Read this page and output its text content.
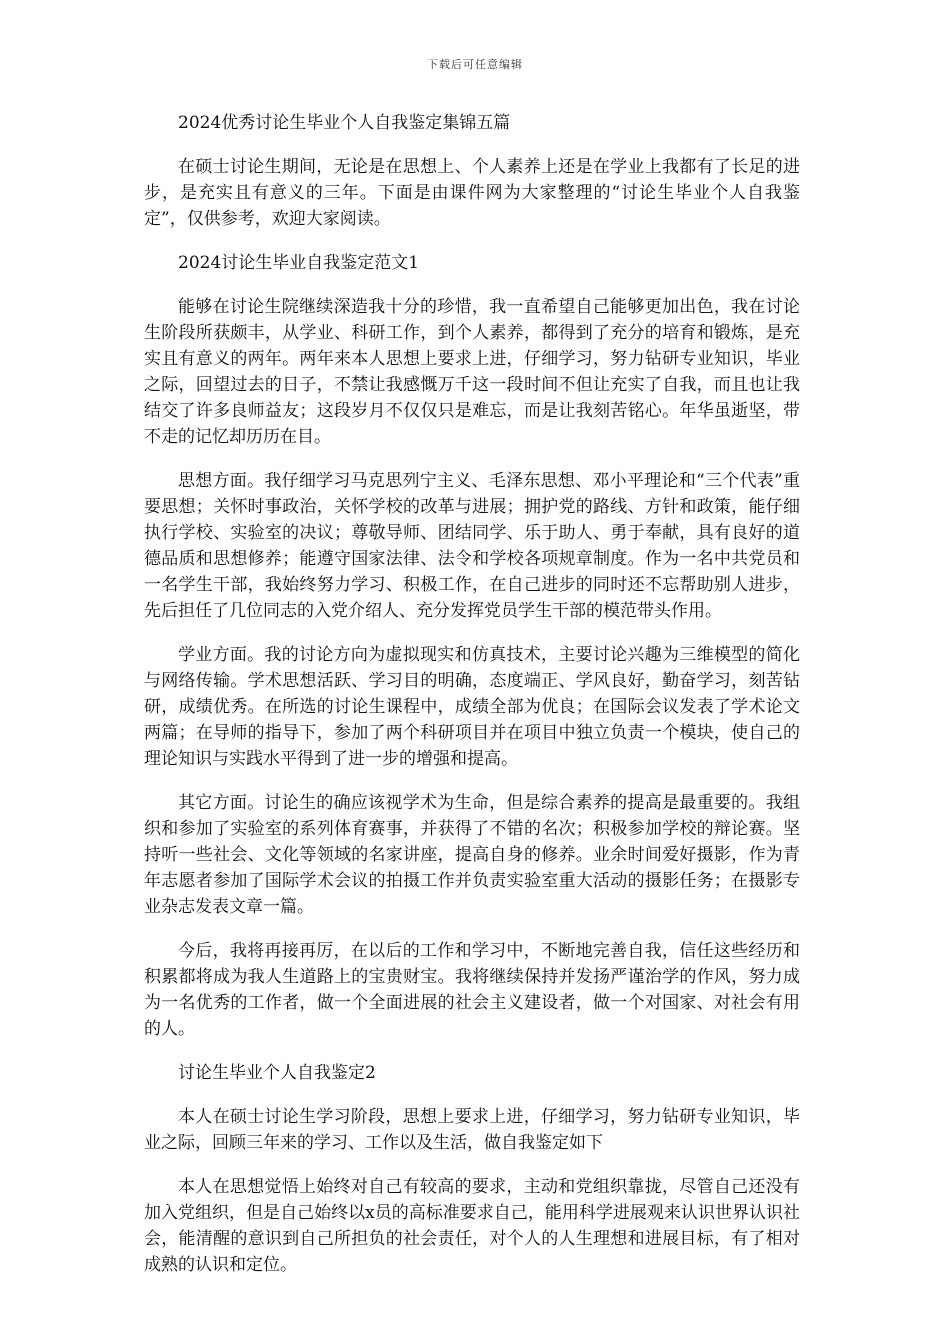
下载后可任意编辑

2024优秀讨论生毕业个人自我鉴定集锦五篇

在硕士讨论生期间，无论是在思想上、个人素养上还是在学业上我都有了长足的进步，是充实且有意义的三年。下面是由课件网为大家整理的“讨论生毕业个人自我鉴定”，仅供参考，欢迎大家阅读。

2024讨论生毕业自我鉴定范文1

能够在讨论生院继续深造我十分的珍惜，我一直希望自己能够更加出色，我在讨论生阶段所获颇丰，从学业、科研工作，到个人素养，都得到了充分的培育和锻炼，是充实且有意义的两年。两年来本人思想上要求上进，仔细学习，努力钻研专业知识，毕业之际，回望过去的日子，不禁让我感慨万千这一段时间不但让充实了自我，而且也让我结交了许多良师益友；这段岁月不仅仅只是难忘，而是让我刻苦铭心。年华虽逝坚，带不走的记忆却历历在目。

思想方面。我仔细学习马克思列宁主义、毛泽东思想、邓小平理论和“三个代表”重要思想；关怀时事政治，关怀学校的改革与进展；拥护党的路线、方针和政策，能仔细执行学校、实验室的决议；尊敬导师、团结同学、乐于助人、勇于奉献，具有良好的道德品质和思想修养；能遵守国家法律、法令和学校各项规章制度。作为一名中共党员和一名学生干部，我始终努力学习、积极工作，在自己进步的同时还不忘帮助别人进步，先后担任了几位同志的入党介绍人、充分发挥党员学生干部的模范带头作用。

学业方面。我的讨论方向为虚拟现实和仿真技术，主要讨论兴趣为三维模型的简化与网络传输。学术思想活跃、学习目的明确，态度端正、学风良好，勤奋学习，刻苦钻研，成绩优秀。在所选的讨论生课程中，成绩全部为优良；在国际会议发表了学术论文两篇；在导师的指导下，参加了两个科研项目并在项目中独立负责一个模块，使自己的理论知识与实践水平得到了进一步的增强和提高。

其它方面。讨论生的确应该视学术为生命，但是综合素养的提高是最重要的。我组织和参加了实验室的系列体育赛事，并获得了不错的名次；积极参加学校的辩论赛。坚持听一些社会、文化等领域的名家讲座，提高自身的修养。业余时间爱好摄影，作为青年志愿者参加了国际学术会议的拍摄工作并负责实验室重大活动的摄影任务；在摄影专业杂志发表文章一篇。

今后，我将再接再厉，在以后的工作和学习中，不断地完善自我，信任这些经历和积累都将成为我人生道路上的宝贵财宝。我将继续保持并发扬严谨治学的作风，努力成为一名优秀的工作者，做一个全面进展的社会主义建设者，做一个对国家、对社会有用的人。

讨论生毕业个人自我鉴定2

本人在硕士讨论生学习阶段，思想上要求上进，仔细学习，努力钻研专业知识，毕业之际，回顾三年来的学习、工作以及生活，做自我鉴定如下

本人在思想觉悟上始终对自己有较高的要求，主动和党组织靠拢，尽管自己还没有加入党组织，但是自己始终以x员的高标准要求自己，能用科学进展观来认识世界认识社会，能清醒的意识到自己所担负的社会责任，对个人的人生理想和进展目标，有了相对成熟的认识和定位。
